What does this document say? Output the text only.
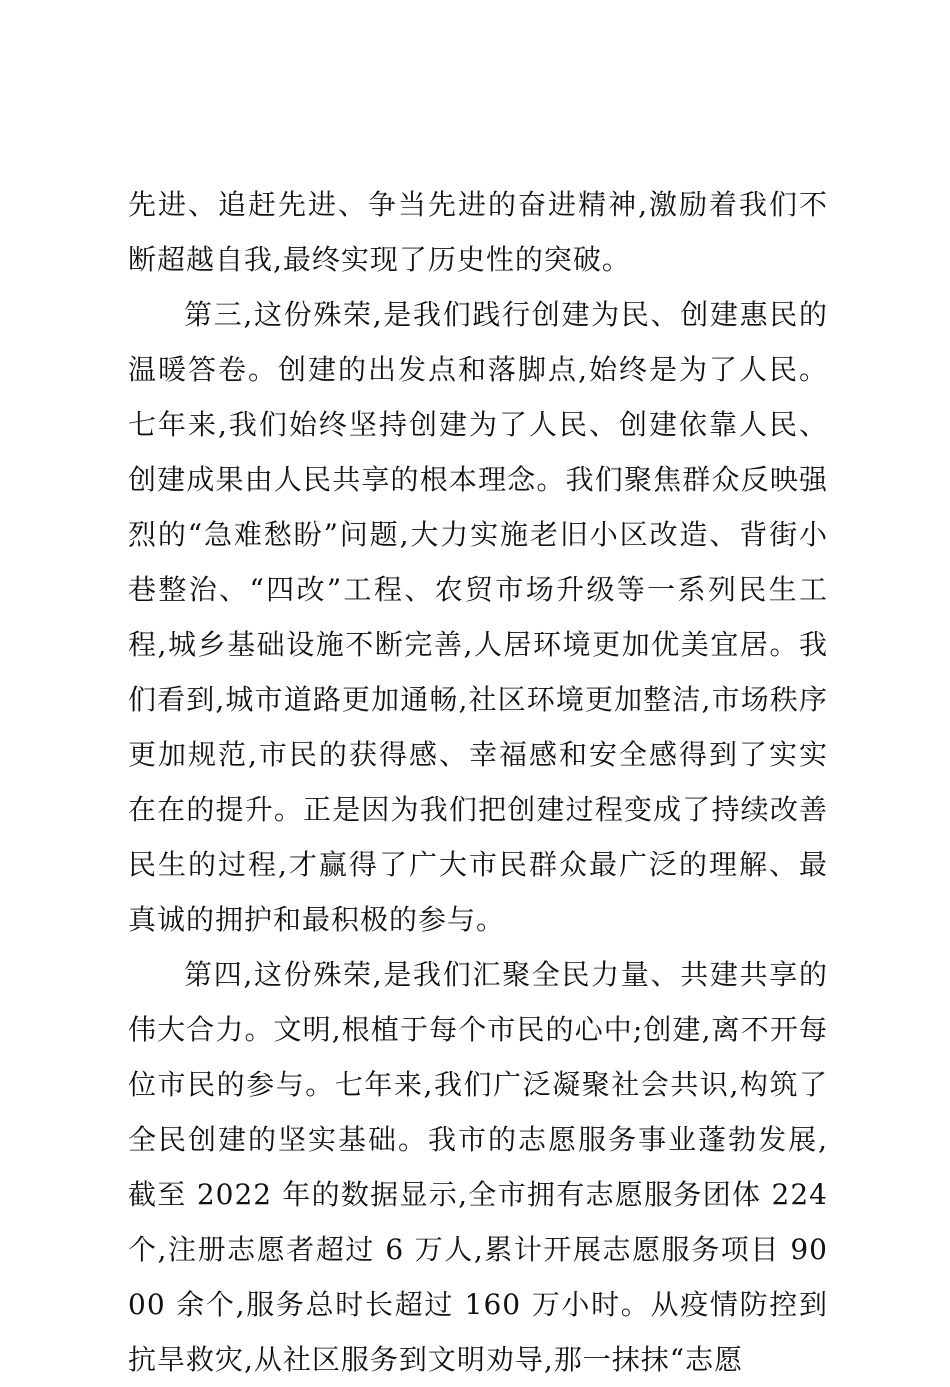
先进、追赶先进、争当先进的奋进精神,激励着我们不断超越自我,最终实现了历史性的突破。

第三,这份殊荣,是我们践行创建为民、创建惠民的温暖答卷。创建的出发点和落脚点,始终是为了人民。七年来,我们始终坚持创建为了人民、创建依靠人民、创建成果由人民共享的根本理念。我们聚焦群众反映强烈的“急难愁盼”问题,大力实施老旧小区改造、背街小巷整治、“四改”工程、农贸市场升级等一系列民生工程,城乡基础设施不断完善,人居环境更加优美宜居。我们看到,城市道路更加通畅,社区环境更加整洁,市场秩序更加规范,市民的获得感、幸福感和安全感得到了实实在在的提升。正是因为我们把创建过程变成了持续改善民生的过程,才赢得了广大市民群众最广泛的理解、最真诚的拥护和最积极的参与。

第四,这份殊荣,是我们汇聚全民力量、共建共享的伟大合力。文明,根植于每个市民的心中;创建,离不开每位市民的参与。七年来,我们广泛凝聚社会共识,构筑了全民创建的坚实基础。我市的志愿服务事业蓬勃发展,截至 2022 年的数据显示,全市拥有志愿服务团体 224 个,注册志愿者超过 6 万人,累计开展志愿服务项目 9000 余个,服务总时长超过 160 万小时。从疫情防控到抗旱救灾,从社区服务到文明劝导,那一抹抹“志愿
